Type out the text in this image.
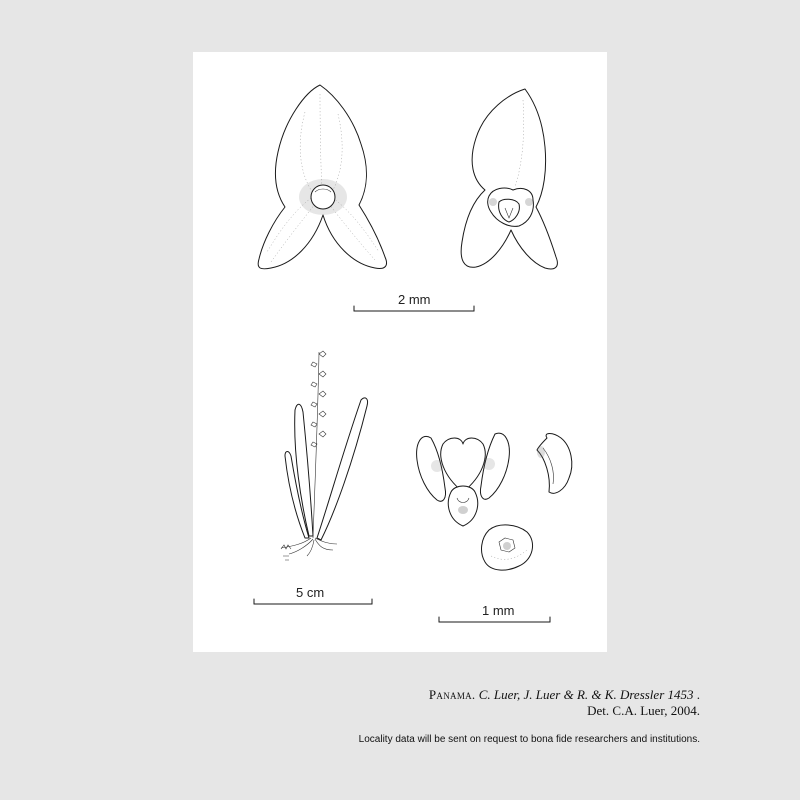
2 mm
5 cm
1 mm
Panama. C. Luer, J. Luer & R. & K. Dressler 1453 .
Det. C.A. Luer, 2004.
Locality data will be sent on request to bona fide researchers and institutions.
